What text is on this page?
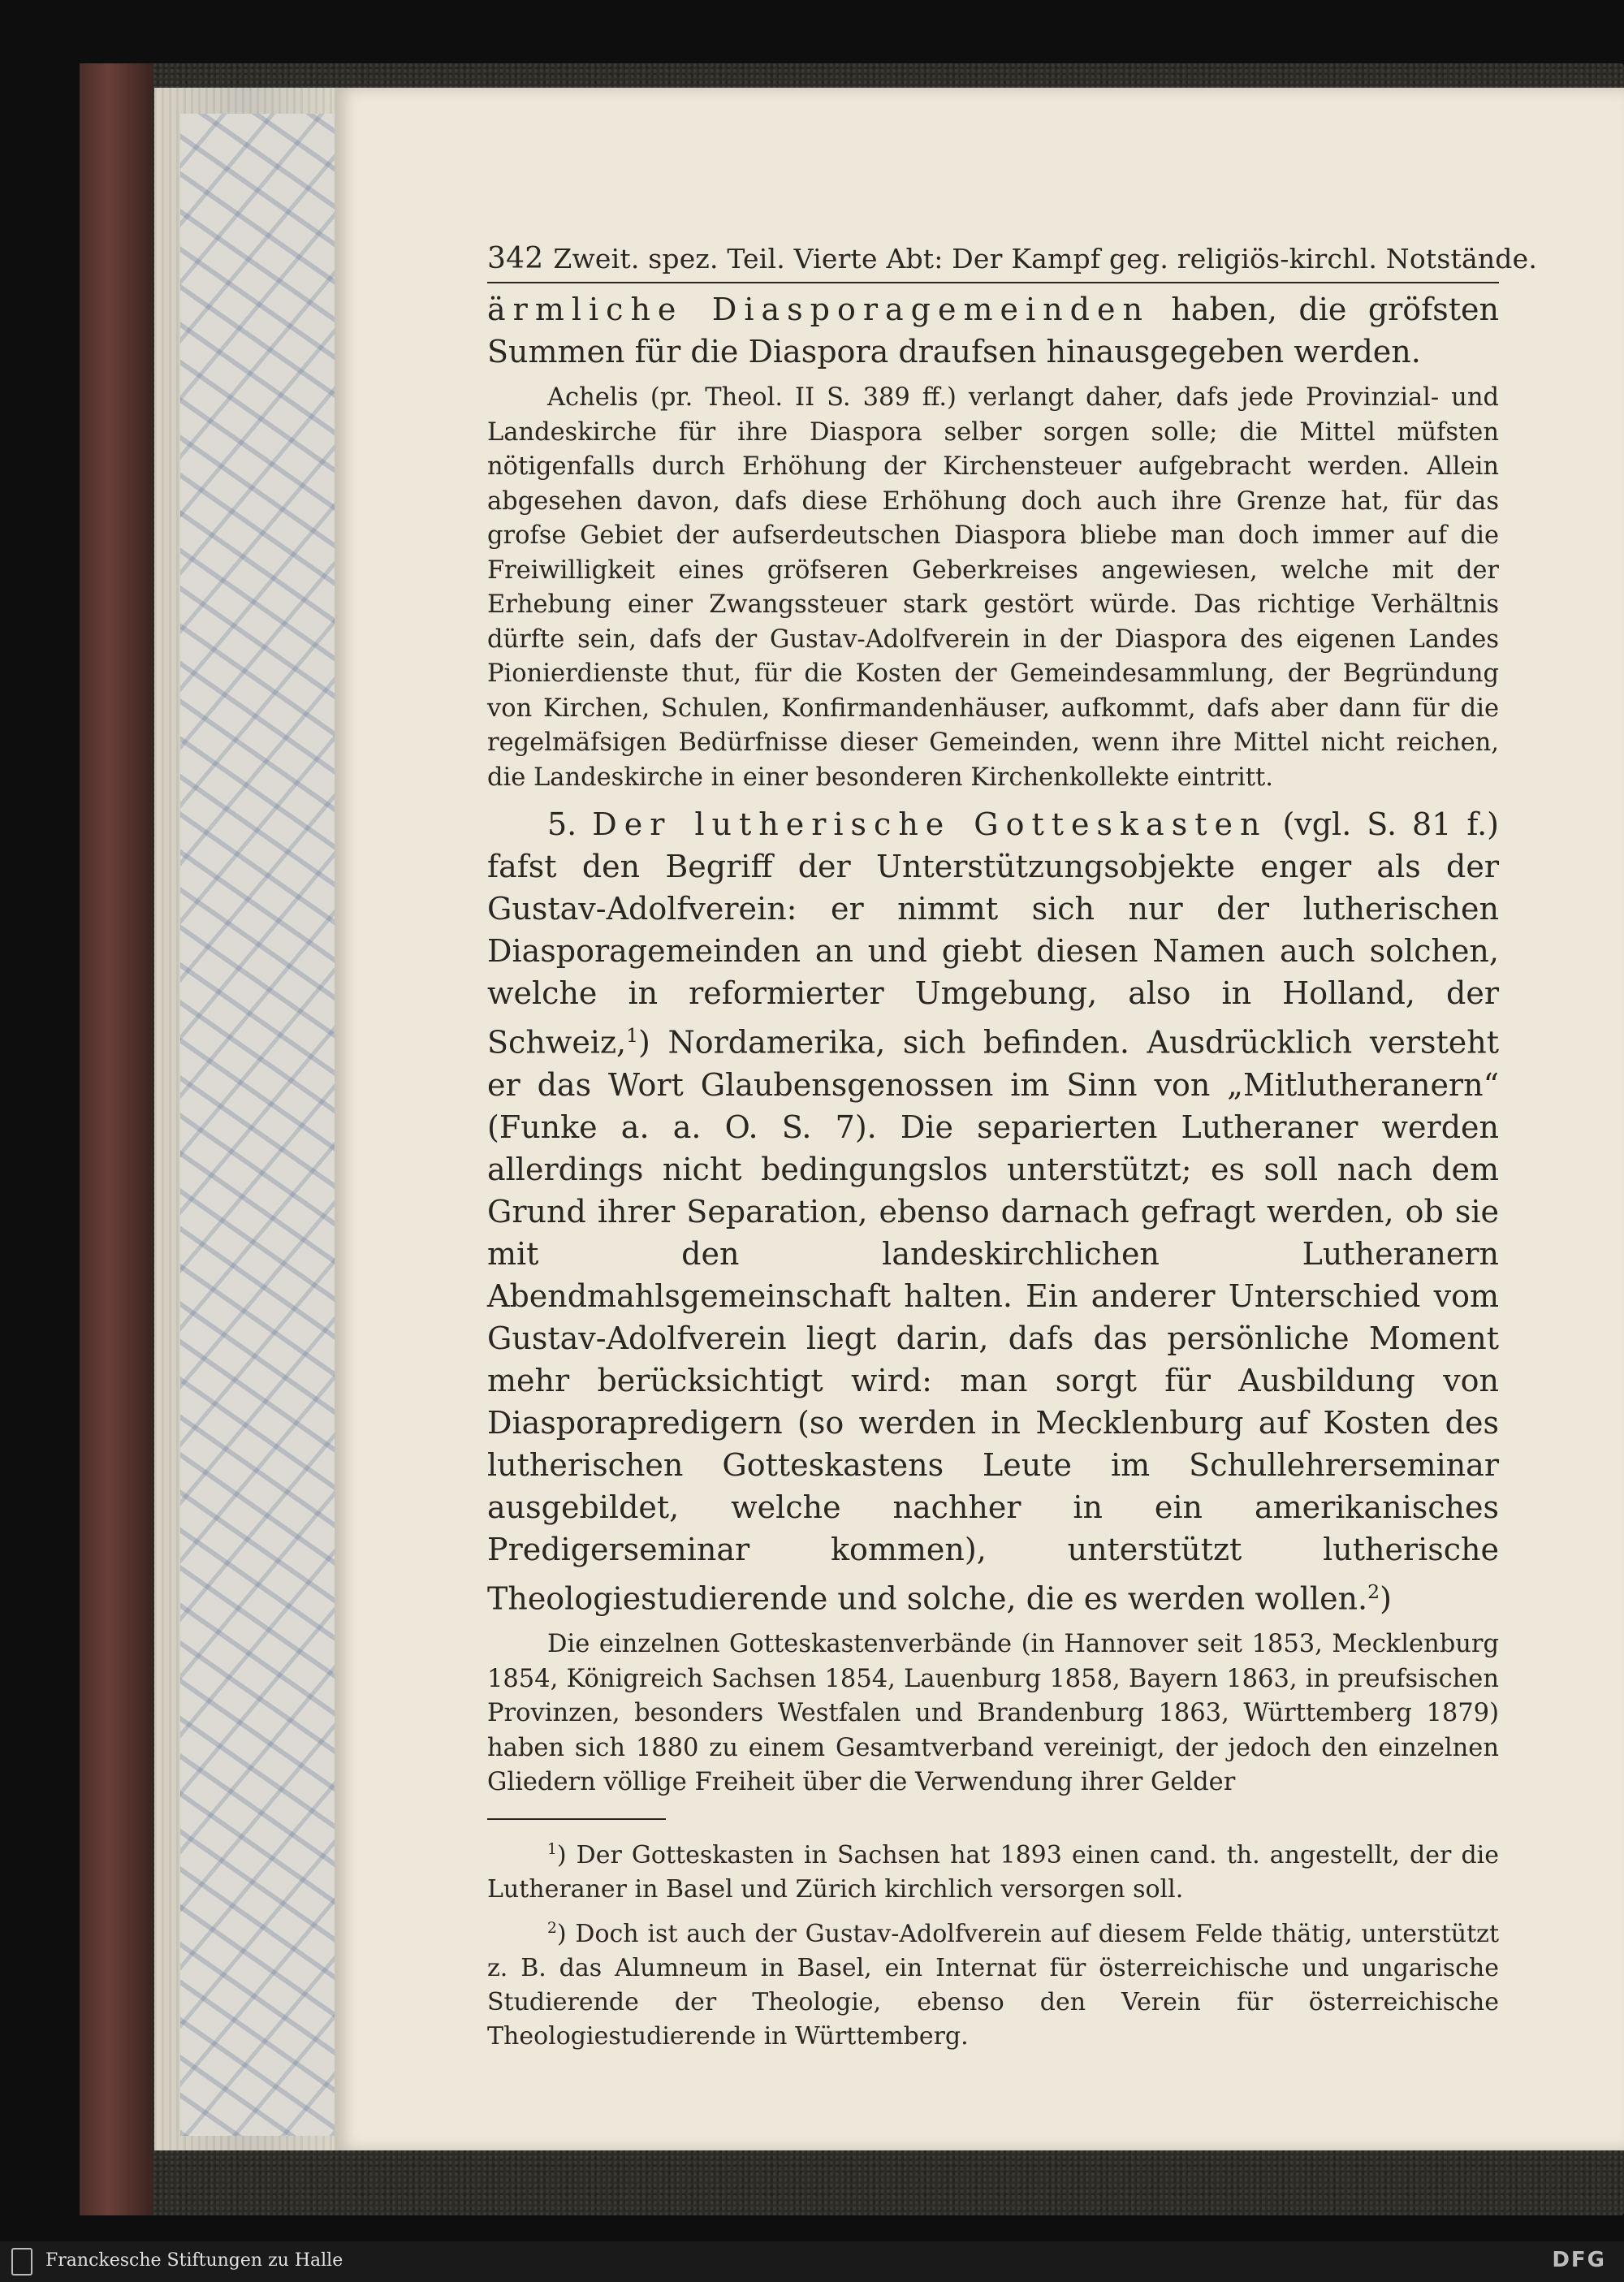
342 Zweit. spez. Teil. Vierte Abt: Der Kampf geg. religiös-kirchl. Notstände.

ärmliche Diasporagemeinden haben, die gröfsten Summen für die Diaspora draufsen hinausgegeben werden.

Achelis (pr. Theol. II S. 389 ff.) verlangt daher, dafs jede Provinzial- und Landeskirche für ihre Diaspora selber sorgen solle; die Mittel müfsten nötigenfalls durch Erhöhung der Kirchensteuer aufgebracht werden. Allein abgesehen davon, dafs diese Erhöhung doch auch ihre Grenze hat, für das grofse Gebiet der aufserdeutschen Diaspora bliebe man doch immer auf die Freiwilligkeit eines gröfseren Geberkreises angewiesen, welche mit der Erhebung einer Zwangssteuer stark gestört würde. Das richtige Verhältnis dürfte sein, dafs der Gustav-Adolfverein in der Diaspora des eigenen Landes Pionierdienste thut, für die Kosten der Gemeindesammlung, der Begründung von Kirchen, Schulen, Konfirmandenhäuser, aufkommt, dafs aber dann für die regelmäfsigen Bedürfnisse dieser Gemeinden, wenn ihre Mittel nicht reichen, die Landeskirche in einer besonderen Kirchenkollekte eintritt.

5. Der lutherische Gotteskasten (vgl. S. 81 f.) fafst den Begriff der Unterstützungsobjekte enger als der Gustav-Adolfverein: er nimmt sich nur der lutherischen Diasporagemeinden an und giebt diesen Namen auch solchen, welche in reformierter Umgebung, also in Holland, der Schweiz,$^1$) Nordamerika, sich befinden. Ausdrücklich versteht er das Wort Glaubensgenossen im Sinn von „Mitlutheranern“ (Funke a. a. O. S. 7). Die separierten Lutheraner werden allerdings nicht bedingungslos unterstützt; es soll nach dem Grund ihrer Separation, ebenso darnach gefragt werden, ob sie mit den landeskirchlichen Lutheranern Abendmahlsgemeinschaft halten. Ein anderer Unterschied vom Gustav-Adolfverein liegt darin, dafs das persönliche Moment mehr berücksichtigt wird: man sorgt für Ausbildung von Diasporapredigern (so werden in Mecklenburg auf Kosten des lutherischen Gotteskastens Leute im Schullehrerseminar ausgebildet, welche nachher in ein amerikanisches Predigerseminar kommen), unterstützt lutherische Theologiestudierende und solche, die es werden wollen.$^2$)

Die einzelnen Gotteskastenverbände (in Hannover seit 1853, Mecklenburg 1854, Königreich Sachsen 1854, Lauenburg 1858, Bayern 1863, in preufsischen Provinzen, besonders Westfalen und Brandenburg 1863, Württemberg 1879) haben sich 1880 zu einem Gesamtverband vereinigt, der jedoch den einzelnen Gliedern völlige Freiheit über die Verwendung ihrer Gelder

$^1$) Der Gotteskasten in Sachsen hat 1893 einen cand. th. angestellt, der die Lutheraner in Basel und Zürich kirchlich versorgen soll.

$^2$) Doch ist auch der Gustav-Adolfverein auf diesem Felde thätig, unterstützt z. B. das Alumneum in Basel, ein Internat für österreichische und ungarische Studierende der Theologie, ebenso den Verein für österreichische Theologiestudierende in Württemberg.

Franckesche Stiftungen zu Halle	DFG
